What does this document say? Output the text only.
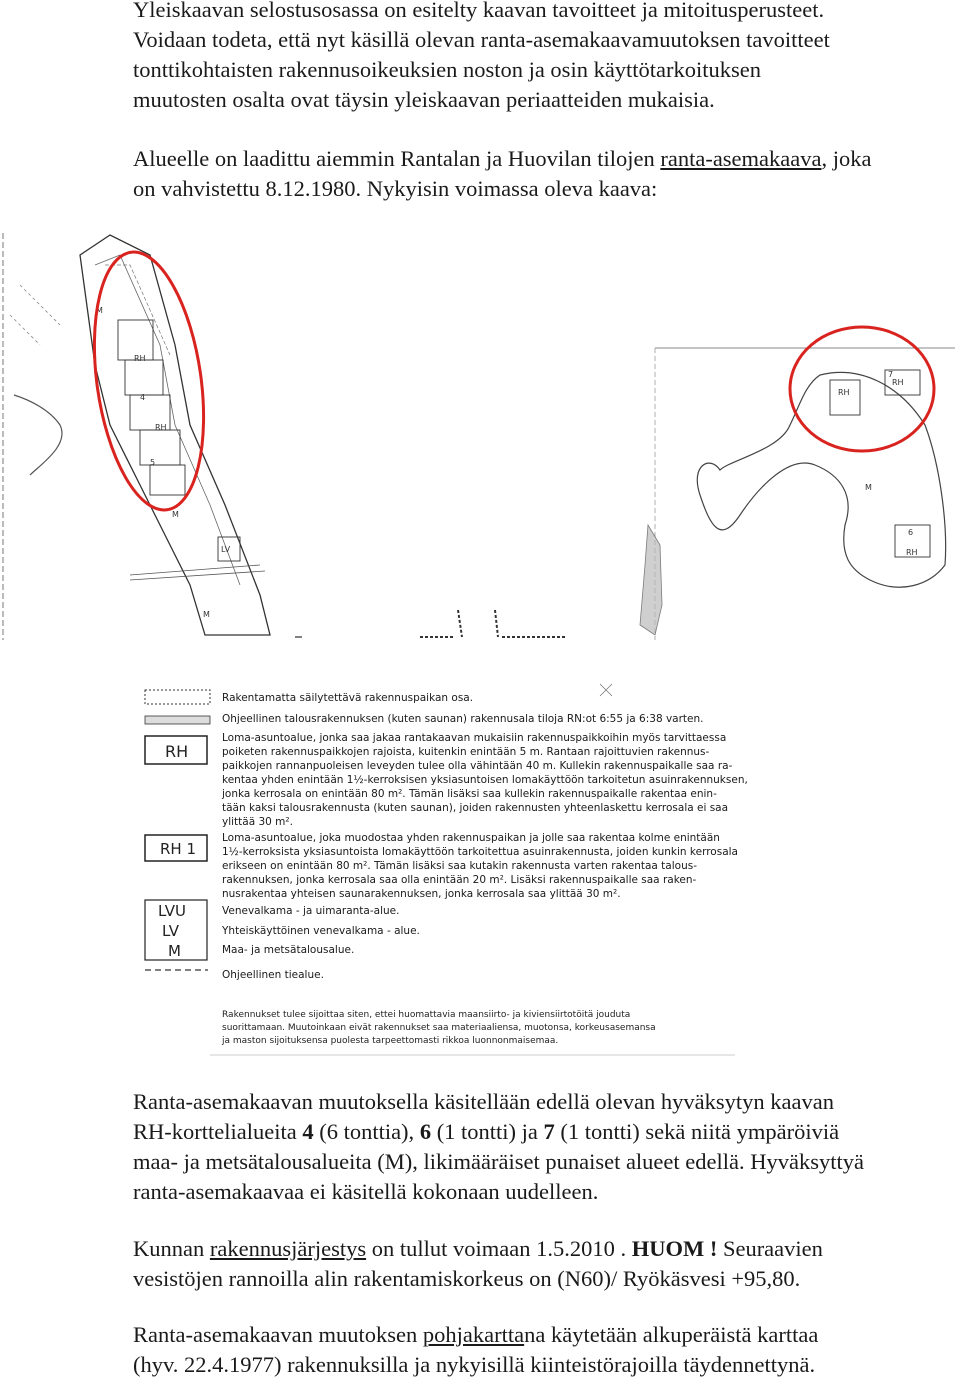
Yleiskaavan selostusosassa on esitelty kaavan tavoitteet ja mitoitusperusteet.
Voidaan todeta, että nyt käsillä olevan ranta-asemakaavamuutoksen tavoitteet
tonttikohtaisten rakennusoikeuksien noston ja osin käyttötarkoituksen
muutosten osalta ovat täysin yleiskaavan periaatteiden mukaisia.

Alueelle on laadittu aiemmin Rantalan ja Huovilan tilojen ranta-asemakaava, joka
on vahvistettu 8.12.1980. Nykyisin voimassa oleva kaava:

M
RH
RH
M
LV
M
4
5
RH
RH
M
RH
7
6
RH
RH 1
LVU
LV
M
Rakentamatta säilytettävä rakennuspaikan osa.
Ohjeellinen talousrakennuksen (kuten saunan) rakennusala tiloja RN:ot 6:55 ja 6:38 varten.
Loma-asuntoalue, jonka saa jakaa rantakaavan mukaisiin rakennuspaikkoihin myös tarvittaessa
poiketen rakennuspaikkojen rajoista, kuitenkin enintään 5 m. Rantaan rajoittuvien rakennus-
paikkojen rannanpuoleisen leveyden tulee olla vähintään 40 m. Kullekin rakennuspaikalle saa ra-
kentaa yhden enintään 1½-kerroksisen yksiasuntoisen lomakäyttöön tarkoitetun asuinrakennuksen,
jonka kerrosala on enintään 80 m². Tämän lisäksi saa kullekin rakennuspaikalle rakentaa enin-
tään kaksi talousrakennusta (kuten saunan), joiden rakennusten yhteenlaskettu kerrosala ei saa
ylittää 30 m².
Loma-asuntoalue, joka muodostaa yhden rakennuspaikan ja jolle saa rakentaa kolme enintään
1½-kerroksista yksiasuntoista lomakäyttöön tarkoitettua asuinrakennusta, joiden kunkin kerrosala
erikseen on enintään 80 m². Tämän lisäksi saa kutakin rakennusta varten rakentaa talous-
rakennuksen, jonka kerrosala saa olla enintään 20 m². Lisäksi rakennuspaikalle saa raken-
nusrakentaa yhteisen saunarakennuksen, jonka kerrosala saa ylittää 30 m².
Venevalkama - ja uimaranta-alue.
Yhteiskäyttöinen venevalkama - alue.
Maa- ja metsätalousalue.
Ohjeellinen tiealue.
Rakennukset tulee sijoittaa siten, ettei huomattavia maansiirto- ja kiviensiirtotöitä jouduta
suorittamaan. Muutoinkaan eivät rakennukset saa materiaaliensa, muotonsa, korkeusasemansa
ja maston sijoituksensa puolesta tarpeettomasti rikkoa luonnonmaisemaa.

Ranta-asemakaavan muutoksella käsitellään edellä olevan hyväksytyn kaavan
RH-korttelialueita 4 (6 tonttia), 6 (1 tontti) ja 7 (1 tontti) sekä niitä ympäröiviä
maa- ja metsätalousalueita (M), likimääräiset punaiset alueet edellä. Hyväksyttyä
ranta-asemakaavaa ei käsitellä kokonaan uudelleen.

Kunnan rakennusjärjestys on tullut voimaan 1.5.2010 . HUOM ! Seuraavien
vesistöjen rannoilla alin rakentamiskorkeus on (N60)/ Ryökäsvesi +95,80.

Ranta-asemakaavan muutoksen pohjakarttana käytetään alkuperäistä karttaa
(hyv. 22.4.1977) rakennuksilla ja nykyisillä kiinteistörajoilla täydennettynä.
